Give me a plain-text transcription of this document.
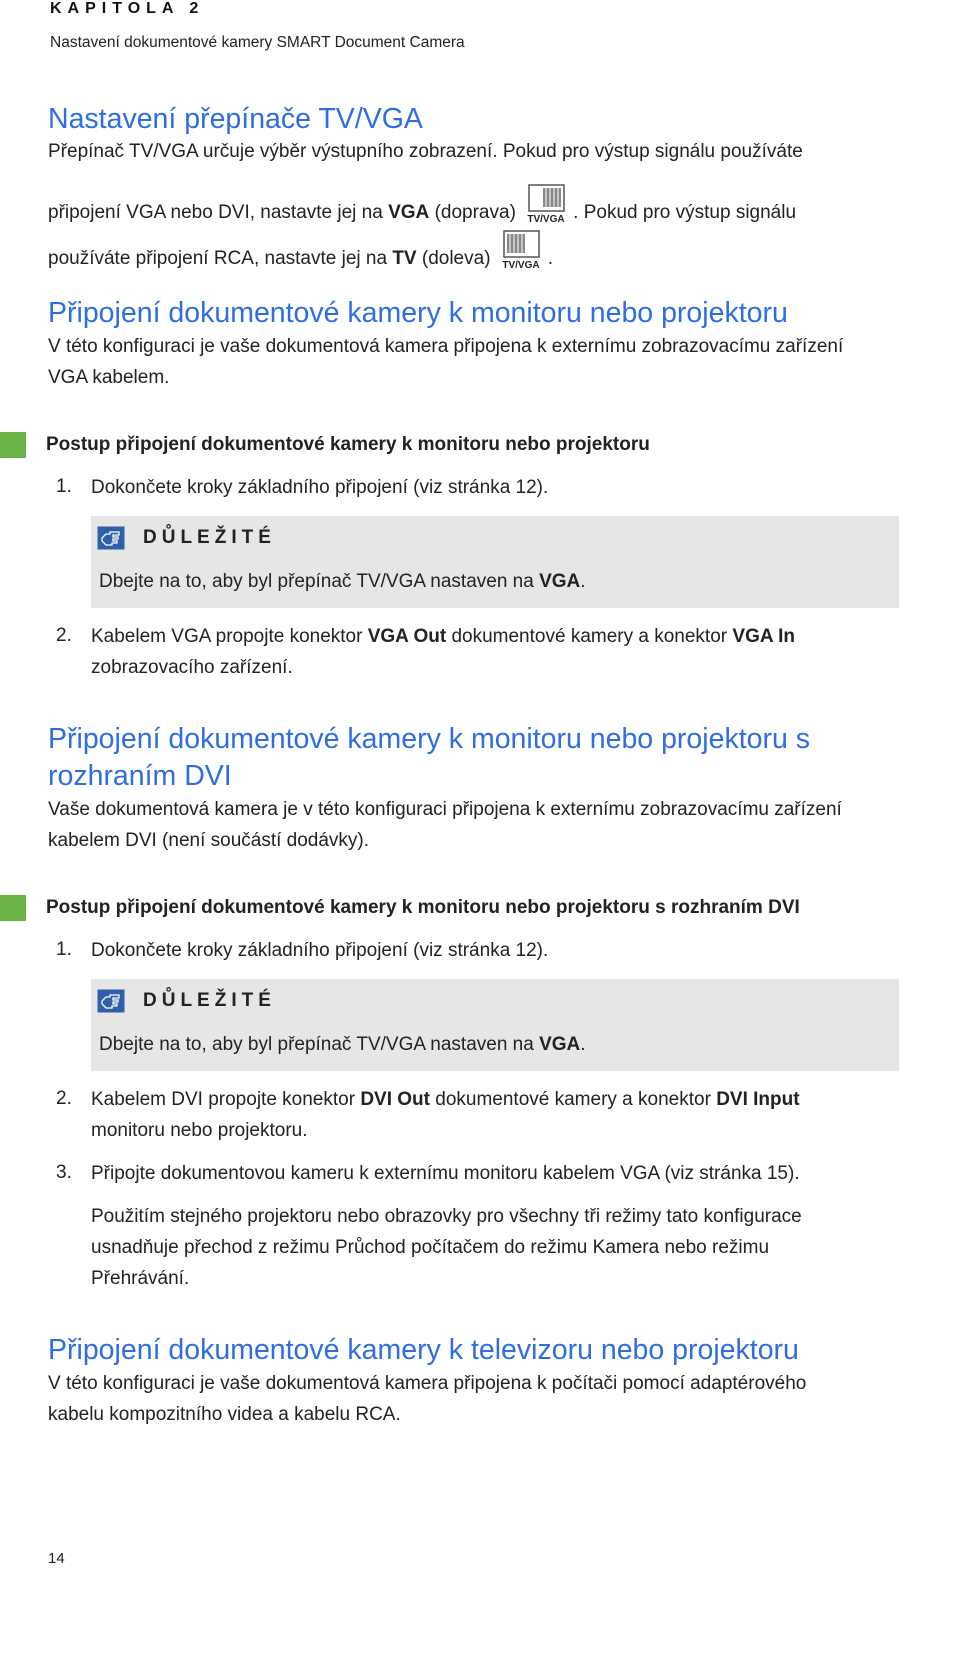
KAPITOLA 2
Nastavení dokumentové kamery SMART Document Camera
Nastavení přepínače TV/VGA
Přepínač TV/VGA určuje výběr výstupního zobrazení. Pokud pro výstup signálu používáte
připojení VGA nebo DVI, nastavte jej na VGA (doprava) TV/VGA . Pokud pro výstup signálu
používáte připojení RCA, nastavte jej na TV (doleva) TV/VGA .
Připojení dokumentové kamery k monitoru nebo projektoru
V této konfiguraci je vaše dokumentová kamera připojena k externímu zobrazovacímu zařízení
VGA kabelem.
Postup připojení dokumentové kamery k monitoru nebo projektoru
1. Dokončete kroky základního připojení (viz stránka 12).
DŮLEŽITÉ
Dbejte na to, aby byl přepínač TV/VGA nastaven na VGA.
2. Kabelem VGA propojte konektor VGA Out dokumentové kamery a konektor VGA In
zobrazovacího zařízení.
Připojení dokumentové kamery k monitoru nebo projektoru s
rozhraním DVI
Vaše dokumentová kamera je v této konfiguraci připojena k externímu zobrazovacímu zařízení
kabelem DVI (není součástí dodávky).
Postup připojení dokumentové kamery k monitoru nebo projektoru s rozhraním DVI
1. Dokončete kroky základního připojení (viz stránka 12).
DŮLEŽITÉ
Dbejte na to, aby byl přepínač TV/VGA nastaven na VGA.
2. Kabelem DVI propojte konektor DVI Out dokumentové kamery a konektor DVI Input
monitoru nebo projektoru.
3. Připojte dokumentovou kameru k externímu monitoru kabelem VGA (viz stránka 15).
Použitím stejného projektoru nebo obrazovky pro všechny tři režimy tato konfigurace
usnadňuje přechod z režimu Průchod počítačem do režimu Kamera nebo režimu
Přehrávání.
Připojení dokumentové kamery k televizoru nebo projektoru
V této konfiguraci je vaše dokumentová kamera připojena k počítači pomocí adaptérového
kabelu kompozitního videa a kabelu RCA.
14
